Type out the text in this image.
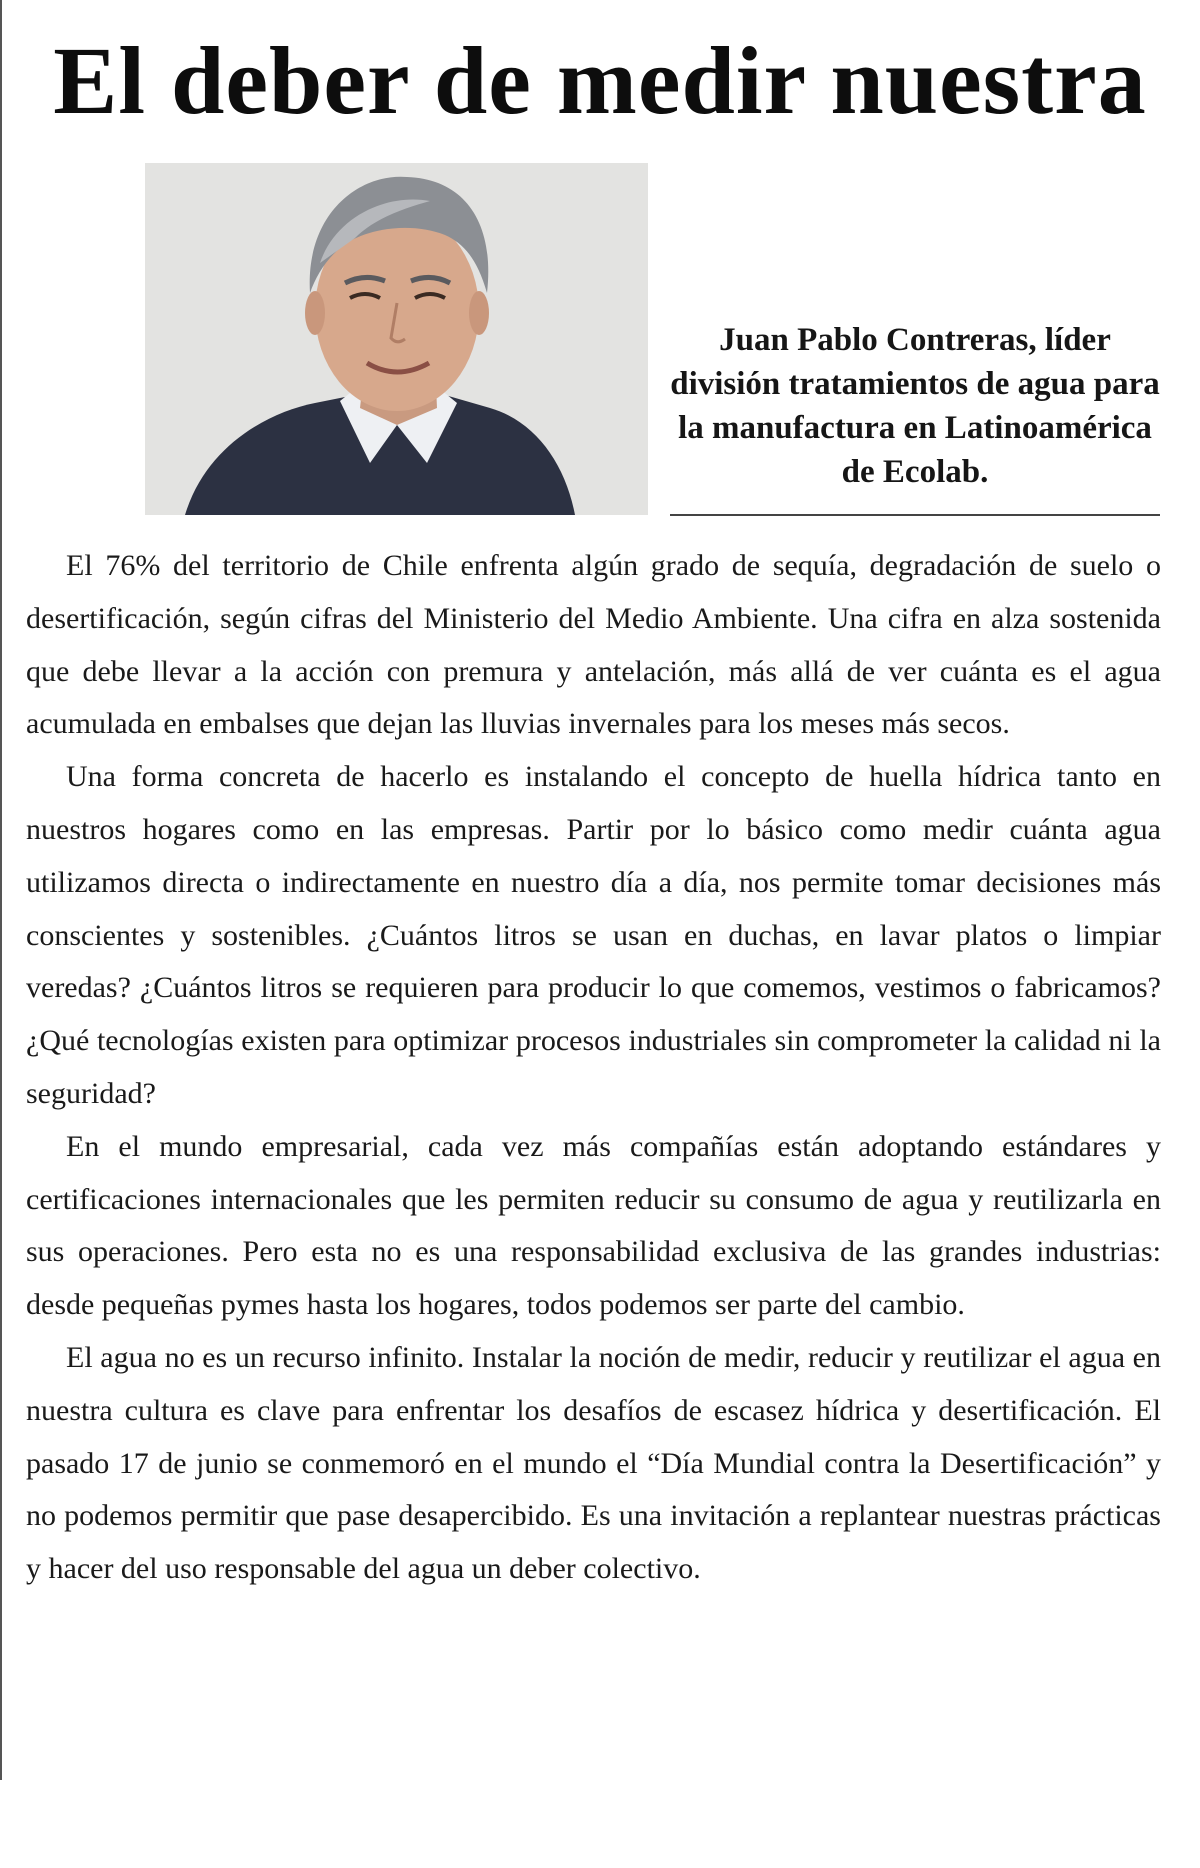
El deber de medir nuestra

Juan Pablo Contreras, líder división tratamientos de agua para la manufactura en Latinoamérica de Ecolab.

El 76% del territorio de Chile enfrenta algún grado de sequía, degradación de suelo o desertificación, según cifras del Ministerio del Medio Ambiente. Una cifra en alza sostenida que debe llevar a la acción con premura y antelación, más allá de ver cuánta es el agua acumulada en embalses que dejan las lluvias invernales para los meses más secos.

Una forma concreta de hacerlo es instalando el concepto de huella hídrica tanto en nuestros hogares como en las empresas. Partir por lo básico como medir cuánta agua utilizamos directa o indirectamente en nuestro día a día, nos permite tomar decisiones más conscientes y sostenibles. ¿Cuántos litros se usan en duchas, en lavar platos o limpiar veredas? ¿Cuántos litros se requieren para producir lo que comemos, vestimos o fabricamos? ¿Qué tecnologías existen para optimizar procesos industriales sin comprometer la calidad ni la seguridad?

En el mundo empresarial, cada vez más compañías están adoptando estándares y certificaciones internacionales que les permiten reducir su consumo de agua y reutilizarla en sus operaciones. Pero esta no es una responsabilidad exclusiva de las grandes industrias: desde pequeñas pymes hasta los hogares, todos podemos ser parte del cambio.

El agua no es un recurso infinito. Instalar la noción de medir, reducir y reutilizar el agua en nuestra cultura es clave para enfrentar los desafíos de escasez hídrica y desertificación. El pasado 17 de junio se conmemoró en el mundo el “Día Mundial contra la Desertificación” y no podemos permitir que pase desapercibido. Es una invitación a replantear nuestras prácticas y hacer del uso responsable del agua un deber colectivo.
